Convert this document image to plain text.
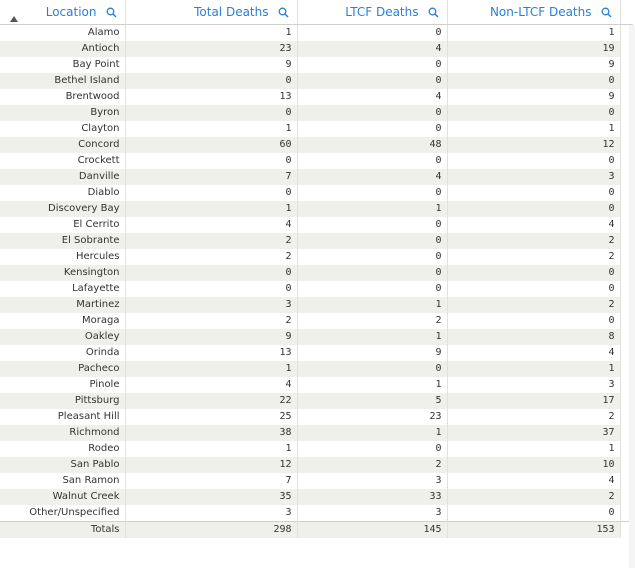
Location	Total Deaths	LTCF Deaths	Non-LTCF Deaths

Alamo	1	0	1	
Antioch	23	4	19	
Bay Point	9	0	9	
Bethel Island	0	0	0	
Brentwood	13	4	9	
Byron	0	0	0	
Clayton	1	0	1	
Concord	60	48	12	
Crockett	0	0	0	
Danville	7	4	3	
Diablo	0	0	0	
Discovery Bay	1	1	0	
El Cerrito	4	0	4	
El Sobrante	2	0	2	
Hercules	2	0	2	
Kensington	0	0	0	
Lafayette	0	0	0	
Martinez	3	1	2	
Moraga	2	2	0	
Oakley	9	1	8	
Orinda	13	9	4	
Pacheco	1	0	1	
Pinole	4	1	3	
Pittsburg	22	5	17	
Pleasant Hill	25	23	2	
Richmond	38	1	37	
Rodeo	1	0	1	
San Pablo	12	2	10	
San Ramon	7	3	4	
Walnut Creek	35	33	2	
Other/Unspecified	3	3	0	
Totals	298	145	153	
